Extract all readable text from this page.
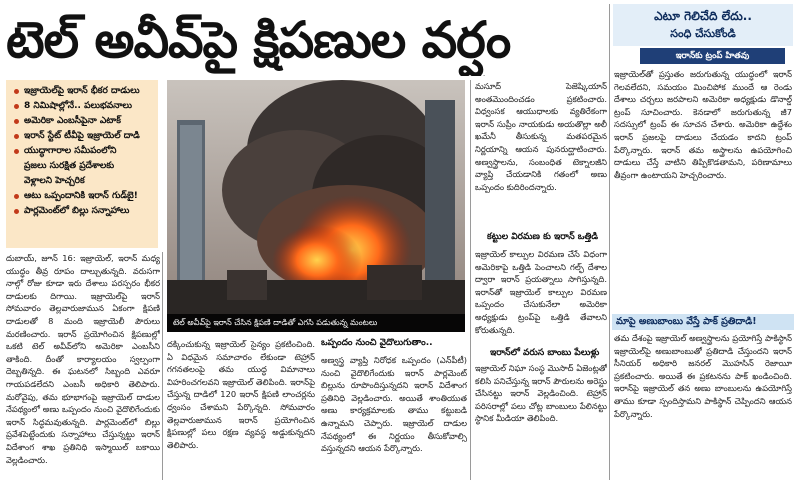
టెల్ అవీవ్‌పై క్షిపణుల వర్షం
ఇజ్రాయెల్‌పై ఇరాన్ భీకర దాడులు
8 నిమిషాల్లోనే.. పలుభవనాలు
అమెరికా ఎంబసీపైనా ఎటాక్
ఇరాన్ స్టేట్ టీవీపై ఇజ్రాయెల్ దాడి
యుద్ధాగారాల సమీపంలోని
ప్రజలు సురక్షిత ప్రదేశాలకు
వెళ్లాలని హెచ్చరిక
ఆటు ఒప్పందానికి ఇరాన్ గుడ్‌బై!
పార్లమెంట్‌లో బిల్లు సన్నాహాలు
టెల్ అవీవ్‌పై ఇరాన్ చేసిన క్షిపణి దాడితో ఎగసి పడుతున్న మంటలు

దుబాయ్, జూన్ 16: ఇజ్రాయెల్, ఇరాన్ మధ్య యుద్ధం తీవ్ర రూపం దాల్చుతున్నది. వరుసగా నాల్గో రోజు కూడా ఇరు దేశాలు పరస్పరం భీకర దాడులకు దిగాయి. ఇజ్రాయెల్‌పై ఇరాన్ సోమవారం తెల్లవారుజామున ఏకంగా క్షిపణి దాడులతో 8 మంది ఇజ్రాయెలీ పౌరులు మరణించారు. ఇరాన్ ప్రయోగించిన క్షిపణుల్లో ఒకటి టెల్ అవీవ్‌లోని అమెరికా ఎంబసీని తాకింది. దీంతో కార్యాలయం స్వల్పంగా దెబ్బతిన్నది. ఈ ఘటనలో సిబ్బంది ఎవరూ గాయపడలేదని ఎంబసీ అధికారి తెలిపారు. మరోవైపు, తమ భూభాగంపై ఇజ్రాయెల్ దాడుల నేపథ్యంలో అణు ఒప్పందం నుంచి వైదొలిగేందుకు ఇరాన్ సిద్ధమవుతున్నది. పార్లమెంట్‌లో బిల్లు ప్రవేశపెట్టేందుకు సన్నాహాలు చేస్తున్నట్టు ఇరాన్ విదేశాంగ శాఖ ప్రతినిధి ఇస్మాయిల్ బకాయి వెల్లడించారు.

దక్కించుకున్న ఇజ్రాయెల్ సైన్యం ప్రకటించింది. ఏ విధమైన సమాచారం లేకుండా టెహ్రాన్ గగనతలంపై తమ యుద్ధ విమానాలు విహరించగలవని ఇజ్రాయెల్ తెలిపింది. ఇరాన్‌పై చేస్తున్న దాడిలో 120 ఇరాన్ క్షిపణి లాంచర్లను ధ్వంసం చేశామని పేర్కొన్నది. సోమవారం తెల్లవారుజామున ఇరాన్ ప్రయోగించిన క్షిపణుల్లో పలు రక్షణ వ్యవస్థ అడ్డుకున్నదని తెలిపారు.

ఒప్పందం నుంచి వైదొలుగుతాం..

అణ్వస్త్ర వ్యాప్తి నిరోధక ఒప్పందం (ఎన్‌పీటీ) నుంచి వైదొలిగేందుకు ఇరాన్ పార్లమెంట్ బిల్లును రూపొందిస్తున్నదని ఇరాన్ విదేశాంగ ప్రతినిధి వెల్లడించారు. అయితే శాంతియుత అణు కార్యక్రమాలకు తాము కట్టుబడి ఉన్నామని చెప్పారు. ఇజ్రాయెల్ దాడుల నేపథ్యంలో ఈ నిర్ణయం తీసుకోవాల్సి వస్తున్నదని ఆయన పేర్కొన్నారు.

మసూద్ పెజెష్కియాన్ అంతమొందించడం ప్రకటించారు. విధ్వంసక ఆయుధాలకు వ్యతిరేకంగా ఇరాన్ సుప్రీం నాయకుడు అయతొల్లా అలీ ఖమేనీ తీసుకున్న మతపరమైన నిర్ణయాన్ని ఆయన పునరుద్ఘాటించారు. అణ్వస్త్రాలను, సంబంధిత టెక్నాలజీని వ్యాప్తి చేయడానికి గతంలో అణు ఒప్పందం కుదిరిందన్నారు.

కట్టుల విరమణ కు ఇరాన్ ఒత్తిడి

ఇజ్రాయెల్ కాల్పుల విరమణ చేసే విధంగా అమెరికాపై ఒత్తిడి పెంచాలని గల్ఫ్ దేశాల ద్వారా ఇరాన్ ప్రయత్నాలు సాగిస్తున్నది. ఇరాన్‌తో ఇజ్రాయెల్ కాల్పుల విరమణ ఒప్పందం చేసుకునేలా అమెరికా అధ్యక్షుడు ట్రంప్‌పై ఒత్తిడి తేవాలని కోరుతున్నది.

ఇరాన్‌లో వరుస బాంబు పేలుళ్లు

ఇజ్రాయెల్ నిఘా సంస్థ మొసాద్ ఏజెంట్లతో కలిసి పనిచేస్తున్న ఇరాన్ పౌరులను అరెస్టు చేసినట్టు ఇరాన్ వెల్లడించింది. టెహ్రాన్ పరిసరాల్లో పలు చోట్ల బాంబులు పేలినట్టు స్థానిక మీడియా తెలిపింది.

ఎటూ గెలిచేది లేదు..
సంధి చేసుకోండి
ఇరాన్‌కు ట్రంప్ హితవు

ఇజ్రాయెల్‌తో ప్రస్తుతం జరుగుతున్న యుద్ధంలో ఇరాన్ గెలవలేదని, సమయం మించిపోక ముందే ఆ రెండు దేశాలు చర్చలు జరపాలని అమెరికా అధ్యక్షుడు డొనాల్డ్ ట్రంప్ సూచించారు. కెనడాలో జరుగుతున్న జీ7 సదస్సులో ట్రంప్ ఈ సూచన చేశారు. అమెరికా ఉద్దేశం ఇరాన్ ప్రజలపై దాడులు చేయడం కాదని ట్రంప్ పేర్కొన్నారు. ఇరాన్ తమ అస్త్రాలను ఉపయోగించి దాడులు చేస్తే వాటిని తిప్పికొడతామని, పరిణామాలు తీవ్రంగా ఉంటాయని హెచ్చరించారు.

మాపై అణుబాంబు వేస్తే పాక్ ప్రతిదాడి!

తమ దేశంపై ఇజ్రాయెల్ అణ్వస్త్రాలను ప్రయోగిస్తే పాకిస్థాన్ ఇజ్రాయెల్‌పై అణుబాంబుతో ప్రతిదాడి చేస్తుందని ఇరాన్ సీనియర్ అధికారి జనరల్ మొహసిన్ రెజాయీ ప్రకటించారు. అయితే ఈ ప్రకటనను పాక్ ఖండించింది. ఇరాన్‌పై ఇజ్రాయెల్ తన అణు బాంబులను ఉపయోగిస్తే తాము కూడా స్పందిస్తామని పాకిస్థాన్ చెప్పిందని ఆయన పేర్కొన్నారు.
